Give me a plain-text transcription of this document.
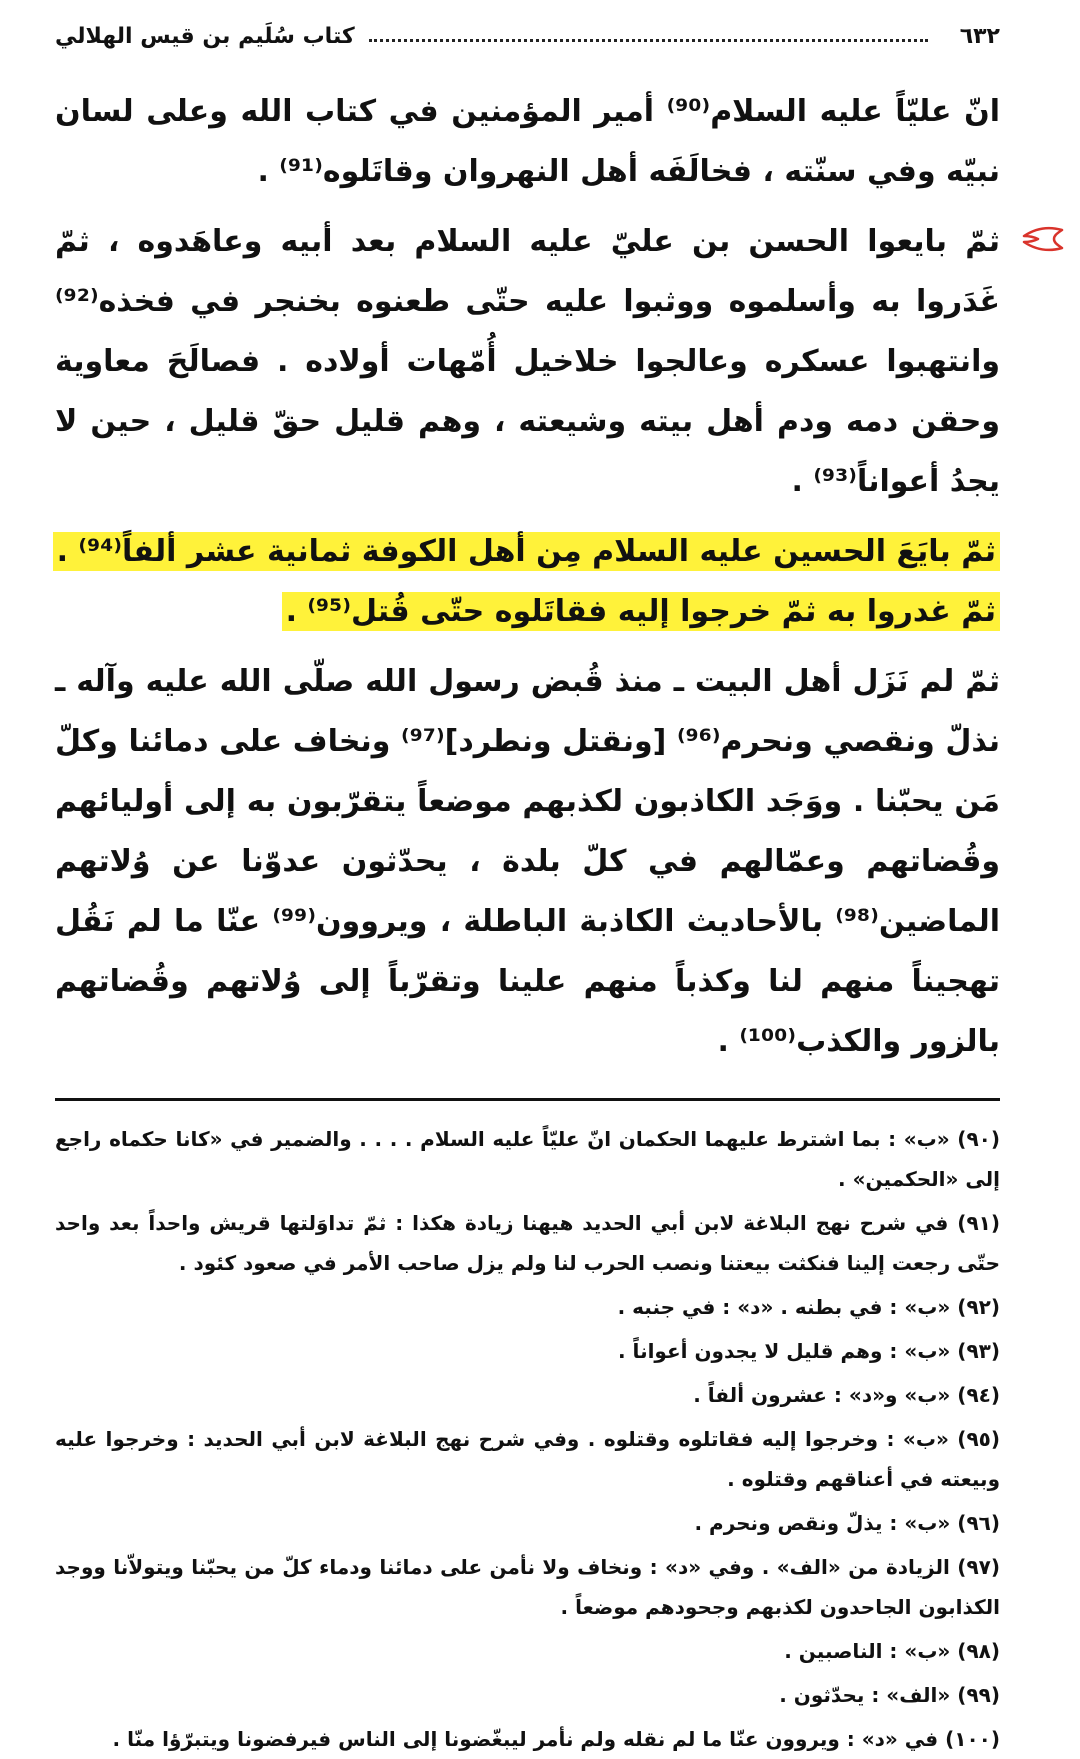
٦٣٢
كتاب سُلَيم بن قيس الهلالي

انّ عليّاً عليه السلام⁽⁹⁰⁾ أمير المؤمنين في كتاب الله وعلى لسان نبيّه وفي سنّته ، فخالَفَه أهل النهروان وقاتَلوه⁽⁹¹⁾ .

ثمّ بايعوا الحسن بن عليّ عليه السلام بعد أبيه وعاهَدوه ، ثمّ غَدَروا به وأسلموه ووثبوا عليه حتّى طعنوه بخنجر في فخذه⁽⁹²⁾ وانتهبوا عسكره وعالجوا خلاخيل أُمّهات أولاده . فصالَحَ معاوية وحقن دمه ودم أهل بيته وشيعته ، وهم قليل حقّ قليل ، حين لا يجدُ أعواناً⁽⁹³⁾ .

ثمّ بايَعَ الحسين عليه السلام مِن أهل الكوفة ثمانية عشر ألفاً⁽⁹⁴⁾ . ثمّ غدروا به ثمّ خرجوا إليه فقاتَلوه حتّى قُتل⁽⁹⁵⁾ .

ثمّ لم نَزَل أهل البيت ـ منذ قُبض رسول الله صلّى الله عليه وآله ـ نذلّ ونقصي ونحرم⁽⁹⁶⁾ [ونقتل ونطرد]⁽⁹⁷⁾ ونخاف على دمائنا وكلّ مَن يحبّنا . ووَجَد الكاذبون لكذبهم موضعاً يتقرّبون به إلى أوليائهم وقُضاتهم وعمّالهم في كلّ بلدة ، يحدّثون عدوّنا عن وُلاتهم الماضين⁽⁹⁸⁾ بالأحاديث الكاذبة الباطلة ، ويروون⁽⁹⁹⁾ عنّا ما لم نَقُل تهجيناً منهم لنا وكذباً منهم علينا وتقرّباً إلى وُلاتهم وقُضاتهم بالزور والكذب⁽¹⁰⁰⁾ .

(٩٠) «ب» : بما اشترط عليهما الحكمان انّ عليّاً عليه السلام . . . . والضمير في «كانا حكماه راجع إلى «الحكمين» .

(٩١) في شرح نهج البلاغة لابن أبي الحديد هيهنا زيادة هكذا : ثمّ تداوَلتها قريش واحداً بعد واحد حتّى رجعت إلينا فنكثت بيعتنا ونصب الحرب لنا ولم يزل صاحب الأمر في صعود كئود .

(٩٢) «ب» : في بطنه . «د» : في جنبه .

(٩٣) «ب» : وهم قليل لا يجدون أعواناً .

(٩٤) «ب» و«د» : عشرون ألفاً .

(٩٥) «ب» : وخرجوا إليه فقاتلوه وقتلوه . وفي شرح نهج البلاغة لابن أبي الحديد : وخرجوا عليه وبيعته في أعناقهم وقتلوه .

(٩٦) «ب» : يذلّ ونقص ونحرم .

(٩٧) الزيادة من «الف» . وفي «د» : ونخاف ولا نأمن على دمائنا ودماء كلّ من يحبّنا ويتولاّنا ووجد الكذابون الجاحدون لكذبهم وجحودهم موضعاً .

(٩٨) «ب» : الناصبين .

(٩٩) «الف» : يحدّثون .

(١٠٠) في «د» : ويروون عنّا ما لم نقله ولم نأمر ليبغّضونا إلى الناس فيرفضونا ويتبرّؤا منّا .
